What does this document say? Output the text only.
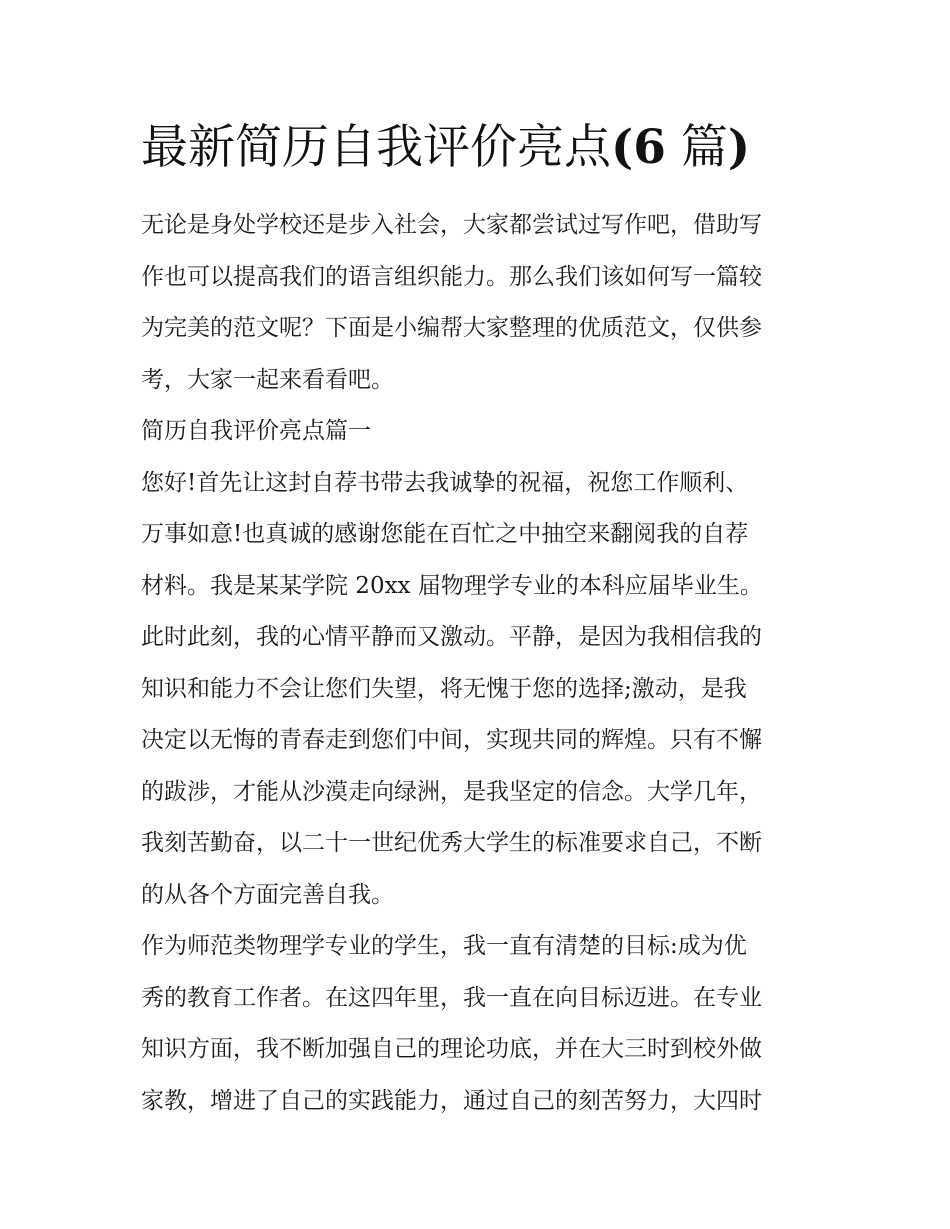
最新简历自我评价亮点(6 篇)

无论是身处学校还是步入社会，大家都尝试过写作吧，借助写

作也可以提高我们的语言组织能力。那么我们该如何写一篇较

为完美的范文呢？下面是小编帮大家整理的优质范文，仅供参

考，大家一起来看看吧。

简历自我评价亮点篇一

您好!首先让这封自荐书带去我诚挚的祝福，祝您工作顺利、

万事如意!也真诚的感谢您能在百忙之中抽空来翻阅我的自荐

材料。我是某某学院 20xx 届物理学专业的本科应届毕业生。

此时此刻，我的心情平静而又激动。平静，是因为我相信我的

知识和能力不会让您们失望，将无愧于您的选择;激动，是我

决定以无悔的青春走到您们中间，实现共同的辉煌。只有不懈

的跋涉，才能从沙漠走向绿洲，是我坚定的信念。大学几年，

我刻苦勤奋，以二十一世纪优秀大学生的标准要求自己，不断

的从各个方面完善自我。

作为师范类物理学专业的学生，我一直有清楚的目标:成为优

秀的教育工作者。在这四年里，我一直在向目标迈进。在专业

知识方面，我不断加强自己的理论功底，并在大三时到校外做

家教，增进了自己的实践能力，通过自己的刻苦努力，大四时
